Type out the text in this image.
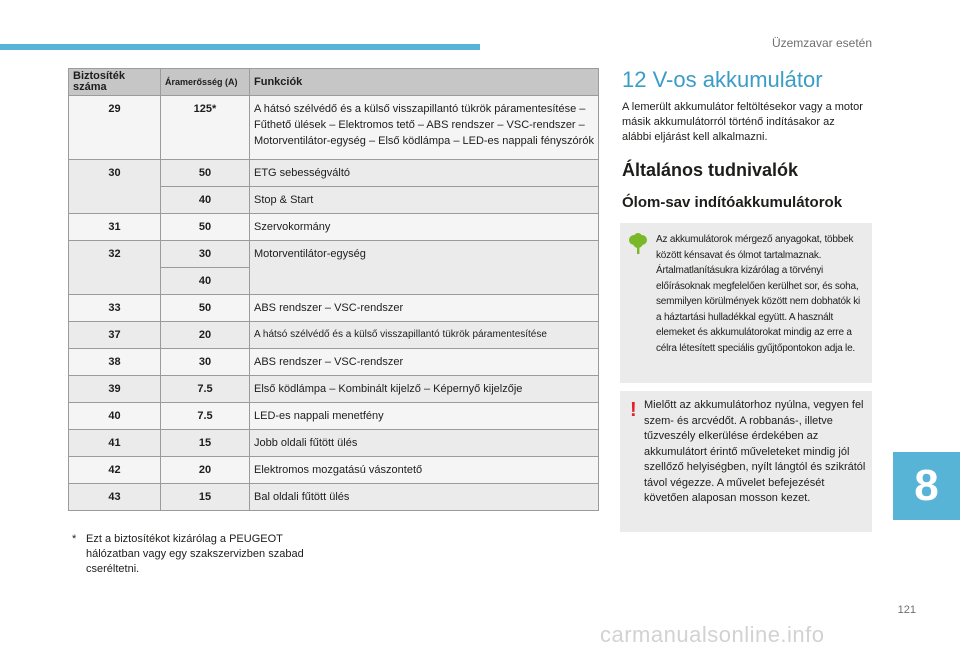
Üzemzavar esetén
Biztosíték száma	Áramerősség (A)	Funkciók
29	125*	A hátsó szélvédő és a külső visszapillantó tükrök páramentesítése – Fűthető ülések – Elektromos tető – ABS rendszer – VSC-rendszer – Motorventilátor-egység – Első ködlámpa – LED-es nappali fényszórók
30	50	ETG sebességváltó
	40	Stop & Start
31	50	Szervokormány
32	30	Motorventilátor-egység
	40	
33	50	ABS rendszer – VSC-rendszer
37	20	A hátsó szélvédő és a külső visszapillantó tükrök páramentesítése
38	30	ABS rendszer – VSC-rendszer
39	7.5	Első ködlámpa – Kombinált kijelző – Képernyő kijelzője
40	7.5	LED-es nappali menetfény
41	15	Jobb oldali fűtött ülés
42	20	Elektromos mozgatású vászontető
43	15	Bal oldali fűtött ülés
* Ezt a biztosítékot kizárólag a PEUGEOT hálózatban vagy egy szakszervizben szabad cseréltetni.
12 V-os akkumulátor
A lemerült akkumulátor feltöltésekor vagy a motor másik akkumulátorról történő indításakor az alábbi eljárást kell alkalmazni.
Általános tudnivalók
Ólom-sav indítóakkumulátorok
Az akkumulátorok mérgező anyagokat, többek között kénsavat és ólmot tartalmaznak. Ártalmatlanításukra kizárólag a törvényi előírásoknak megfelelően kerülhet sor, és soha, semmilyen körülmények között nem dobhatók ki a háztartási hulladékkal együtt. A használt elemeket és akkumulátorokat mindig az erre a célra létesített speciális gyűjtőpontokon adja le.
! Mielőtt az akkumulátorhoz nyúlna, vegyen fel szem- és arcvédőt. A robbanás-, illetve tűzveszély elkerülése érdekében az akkumulátort érintő műveleteket mindig jól szellőző helyiségben, nyílt lángtól és szikrától távol végezze. A művelet befejezését követően alaposan mosson kezet.	8
121
carmanualsonline.info
